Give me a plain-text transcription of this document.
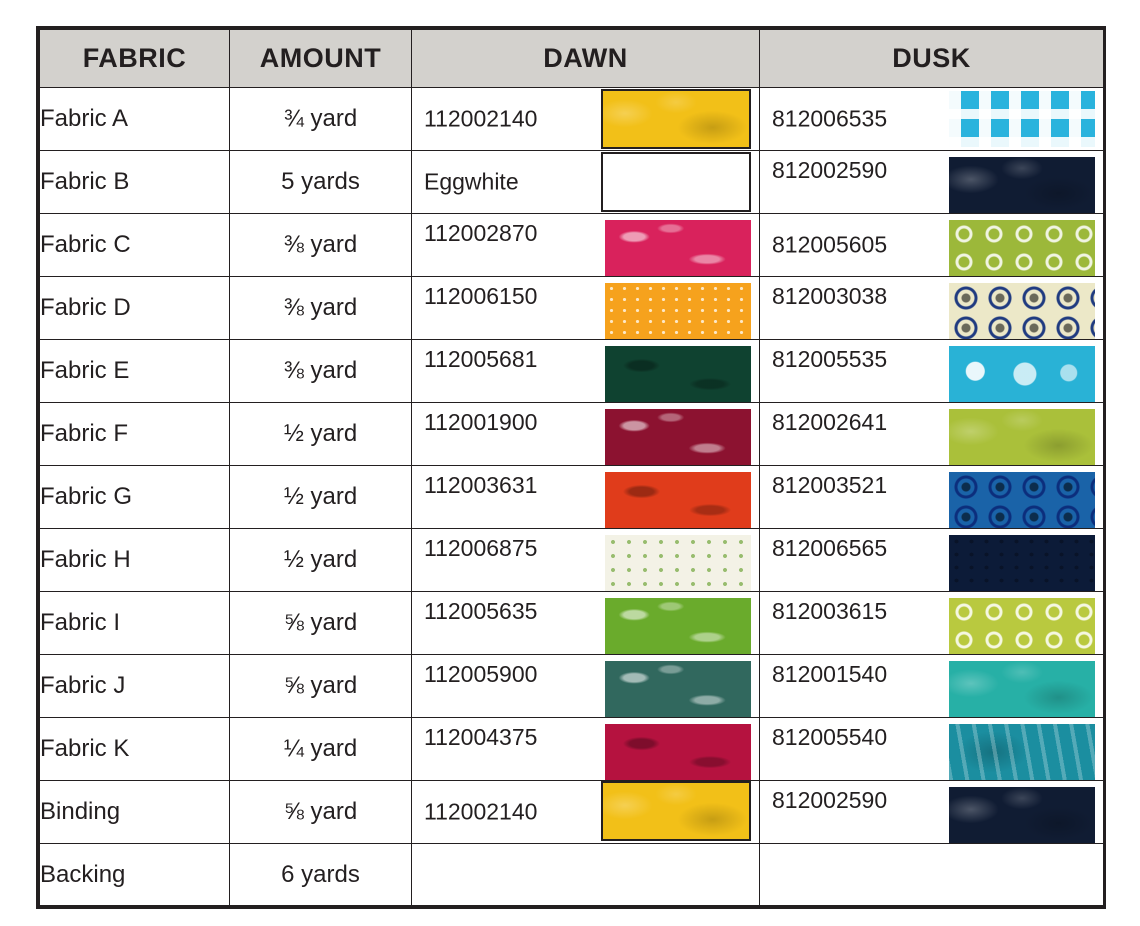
FABRIC	AMOUNT	DAWN	DUSK
Fabric A	¾ yard	112002140	812006535

Fabric B	5 yards	Eggwhite	812002590

Fabric C	⅜ yard	112002870	812005605

Fabric D	⅜ yard	112006150	812003038

Fabric E	⅜ yard	112005681	812005535

Fabric F	½ yard	112001900	812002641

Fabric G	½ yard	112003631	812003521

Fabric H	½ yard	112006875	812006565

Fabric I	⅝ yard	112005635	812003615

Fabric J	⅝ yard	112005900	812001540

Fabric K	¼ yard	112004375	812005540

Binding	⅝ yard	112002140	812002590

Backing	6 yards		
